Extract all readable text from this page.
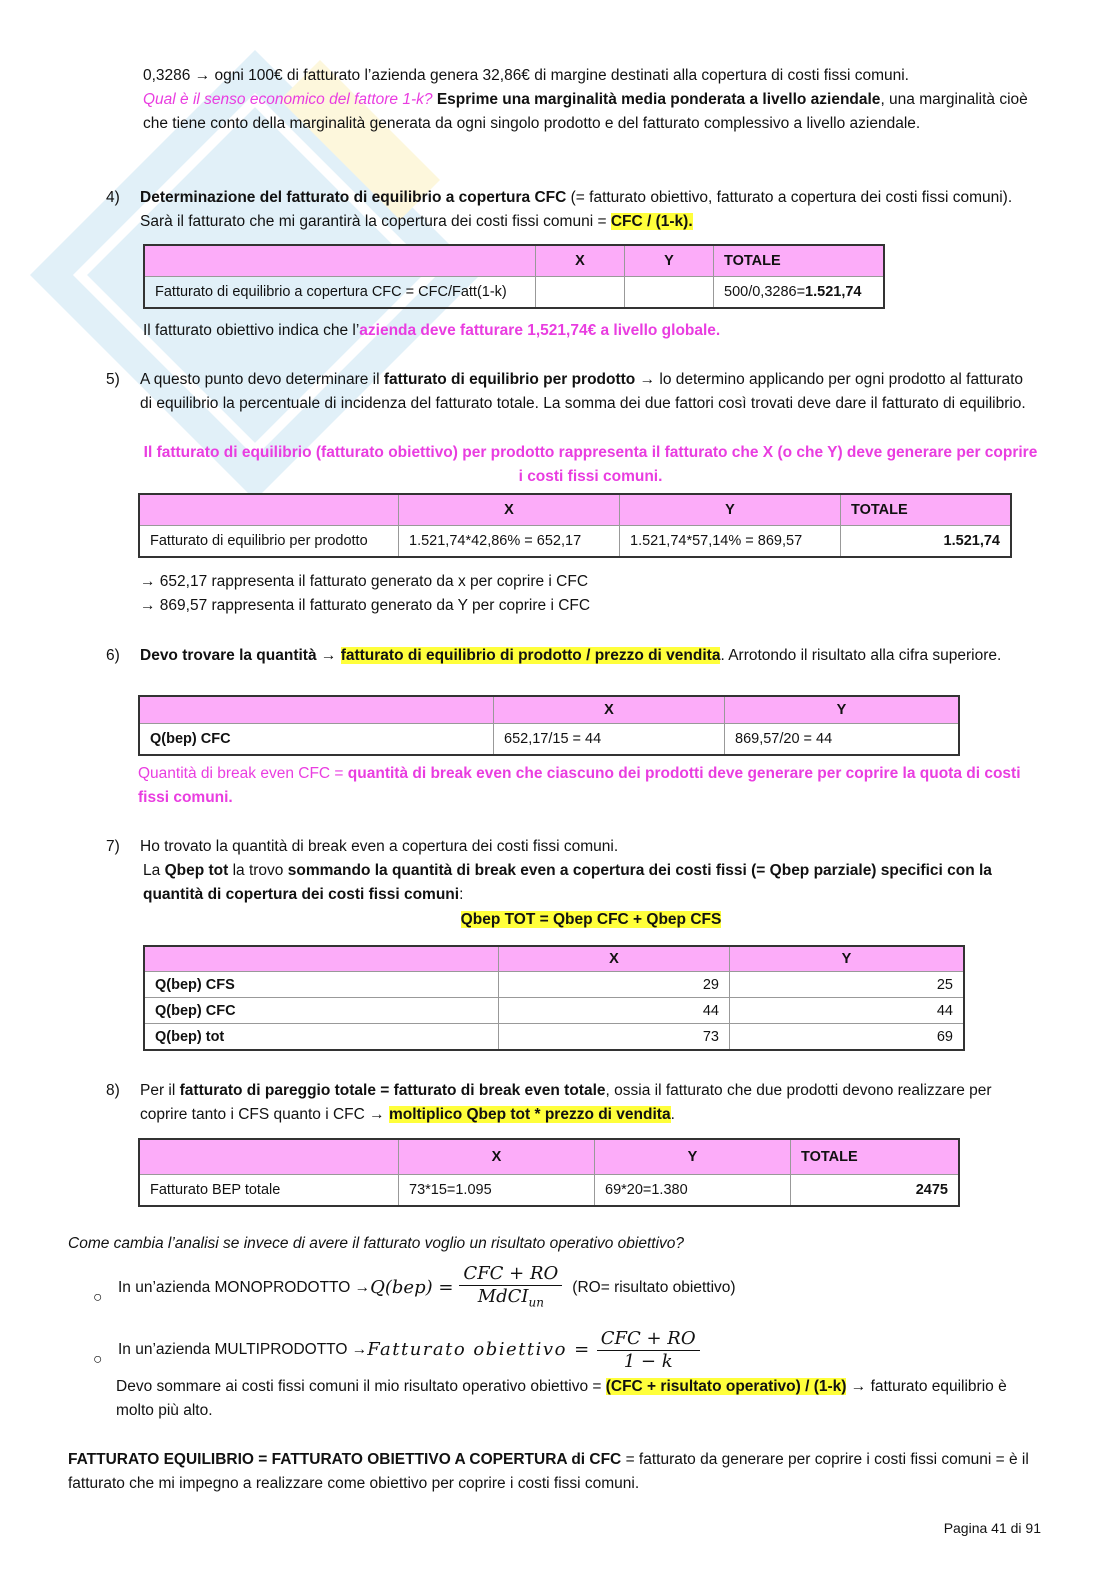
0,3286 → ogni 100€ di fatturato l’azienda genera 32,86€ di margine destinati alla copertura di costi fissi comuni.
Qual è il senso economico del fattore 1-k? Esprime una marginalità media ponderata a livello aziendale, una marginalità cioè che tiene conto della marginalità generata da ogni singolo prodotto e del fatturato complessivo a livello aziendale.
4) Determinazione del fatturato di equilibrio a copertura CFC (= fatturato obiettivo, fatturato a copertura dei costi fissi comuni). Sarà il fatturato che mi garantirà la copertura dei costi fissi comuni = CFC / (1-k).
	X	Y	TOTALE
Fatturato di equilibrio a copertura CFC = CFC/Fatt(1-k)			500/0,3286=1.521,74
Il fatturato obiettivo indica che l’azienda deve fatturare 1,521,74€ a livello globale.
5) A questo punto devo determinare il fatturato di equilibrio per prodotto → lo determino applicando per ogni prodotto al fatturato di equilibrio la percentuale di incidenza del fatturato totale. La somma dei due fattori così trovati deve dare il fatturato di equilibrio.
Il fatturato di equilibrio (fatturato obiettivo) per prodotto rappresenta il fatturato che X (o che Y) deve generare per coprire i costi fissi comuni.
	X	Y	TOTALE
Fatturato di equilibrio per prodotto	1.521,74*42,86% = 652,17	1.521,74*57,14% = 869,57	1.521,74
→ 652,17 rappresenta il fatturato generato da x per coprire i CFC
→ 869,57 rappresenta il fatturato generato da Y per coprire i CFC
6) Devo trovare la quantità → fatturato di equilibrio di prodotto / prezzo di vendita. Arrotondo il risultato alla cifra superiore.
	X	Y
Q(bep) CFC	652,17/15 = 44	869,57/20 = 44
Quantità di break even CFC = quantità di break even che ciascuno dei prodotti deve generare per coprire la quota di costi fissi comuni.
7) Ho trovato la quantità di break even a copertura dei costi fissi comuni.
La Qbep tot la trovo sommando la quantità di break even a copertura dei costi fissi (= Qbep parziale) specifici con la quantità di copertura dei costi fissi comuni:
Qbep TOT = Qbep CFC + Qbep CFS
	X	Y
Q(bep) CFS	29	25
Q(bep) CFC	44	44
Q(bep) tot	73	69
8) Per il fatturato di pareggio totale = fatturato di break even totale, ossia il fatturato che due prodotti devono realizzare per coprire tanto i CFS quanto i CFC → moltiplico Qbep tot * prezzo di vendita.
	X	Y	TOTALE
Fatturato BEP totale	73*15=1.095	69*20=1.380	2475
Come cambia l’analisi se invece di avere il fatturato voglio un risultato operativo obiettivo?
○
In un’azienda MONOPRODOTTO → $Q(bep) = \frac{\text{CFC + RO}}{MdCI_{un}} (RO=$ risultato obiettivo)
○
In un’azienda MULTIPRODOTTO → Fatturato obiettivo = $\frac{\text{CFC + RO}}{1 - k}$
Devo sommare ai costi fissi comuni il mio risultato operativo obiettivo = (CFC + risultato operativo) / (1-k) → fatturato equilibrio è molto più alto.
FATTURATO EQUILIBRIO = FATTURATO OBIETTIVO A COPERTURA di CFC = fatturato da generare per coprire i costi fissi comuni = è il fatturato che mi impegno a realizzare come obiettivo per coprire i costi fissi comuni.
Pagina 41 di 91
